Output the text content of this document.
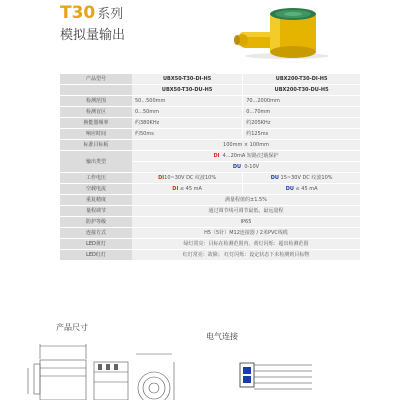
T30 系列
模拟量输出
产品型号	UBX50-T30-DI-H5	UBX200-T30-DI-H5
	UBX50-T30-DU-H5	UBX200-T30-DU-H5
检测范围	50...500mm	70...2000mm
检测盲区	0...50mm	0...70mm
换能器频率	约380KHz	约205KHz
响应时间	约50ms	约125ms
标准目标板	100mm × 100mm	
输出类型	DI 4...20mA 短路/过载保护	
	DU 0-10V	
工作电压	DI10~30V DC 纹波10%	DU 15~30V DC 纹波10%
空载电流	DI ≤ 45 mA	DU ≤ 45 mA
重复精度	满量程值的±1.5%	
量程调节	通过调节线可调节最低、最远量程	
防护等级	IP65	
连接方式	H5（5针）M12连接器 / 2米PVC线缆	
LED黄灯	绿灯常亮：目标在检测范围内，黄灯闪烁：超出检测范围	
LED红灯	红灯常亮：故障； 红灯闪烁：设定状态下未检测到目标物	
产品尺寸
电气连接
